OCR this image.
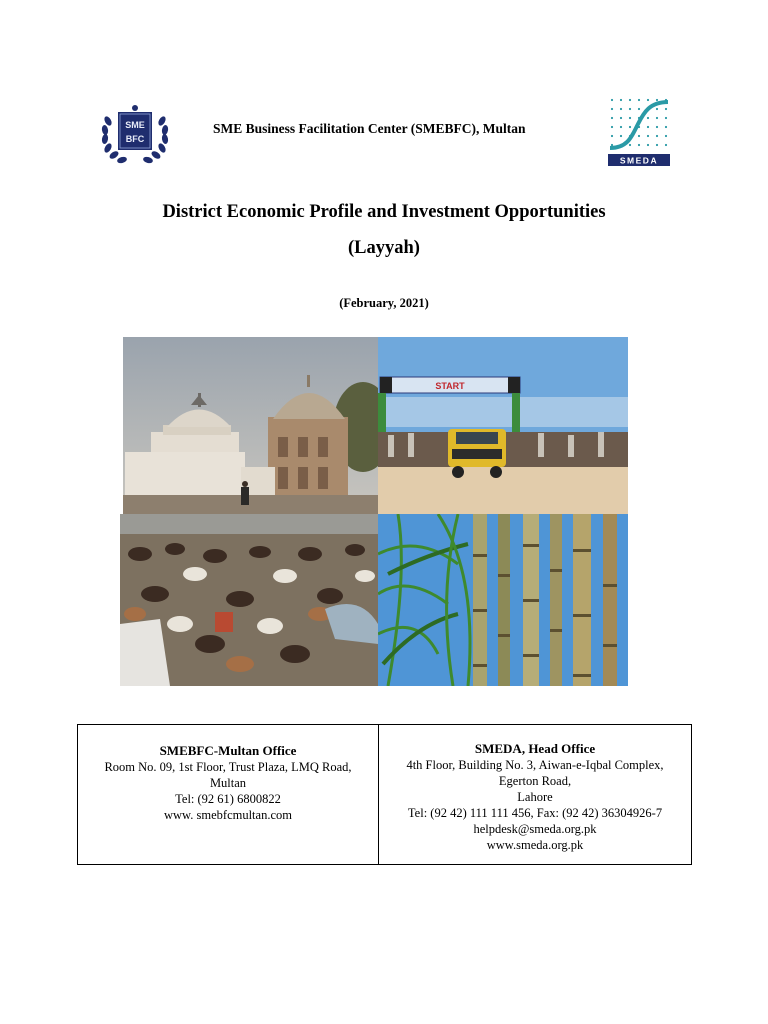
SME
BFC
SME Business Facilitation Center (SMEBFC), Multan
SMEDA
District Economic Profile and Investment Opportunities
(Layyah)
(February, 2021)
START
SMEBFC-Multan Office
Room No. 09, 1st Floor, Trust Plaza, LMQ Road,
Multan
Tel: (92 61) 6800822
www. smebfcmultan.com
SMEDA, Head Office
4th Floor, Building No. 3, Aiwan-e-Iqbal Complex,
Egerton Road,
Lahore
Tel: (92 42) 111 111 456, Fax: (92 42) 36304926-7
helpdesk@smeda.org.pk
www.smeda.org.pk
